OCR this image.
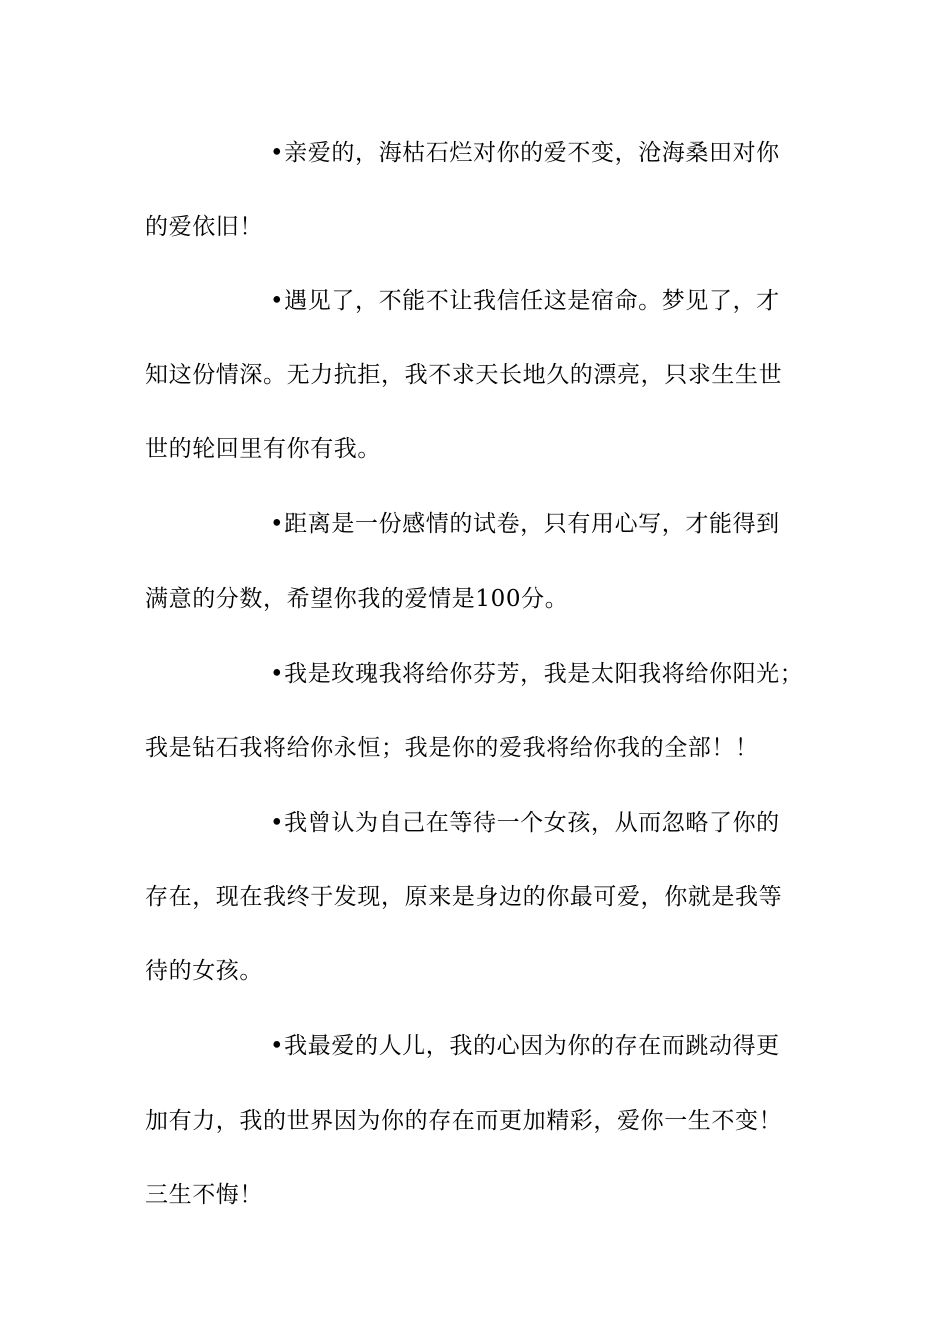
•亲爱的，海枯石烂对你的爱不变，沧海桑田对你
的爱依旧！
•遇见了，不能不让我信任这是宿命。梦见了，才
知这份情深。无力抗拒，我不求天长地久的漂亮，只求生生世
世的轮回里有你有我。
•距离是一份感情的试卷，只有用心写，才能得到
满意的分数，希望你我的爱情是100分。
•我是玫瑰我将给你芬芳，我是太阳我将给你阳光；
我是钻石我将给你永恒；我是你的爱我将给你我的全部！！
•我曾认为自己在等待一个女孩，从而忽略了你的
存在，现在我终于发现，原来是身边的你最可爱，你就是我等
待的女孩。
•我最爱的人儿，我的心因为你的存在而跳动得更
加有力，我的世界因为你的存在而更加精彩，爱你一生不变！
三生不悔！
